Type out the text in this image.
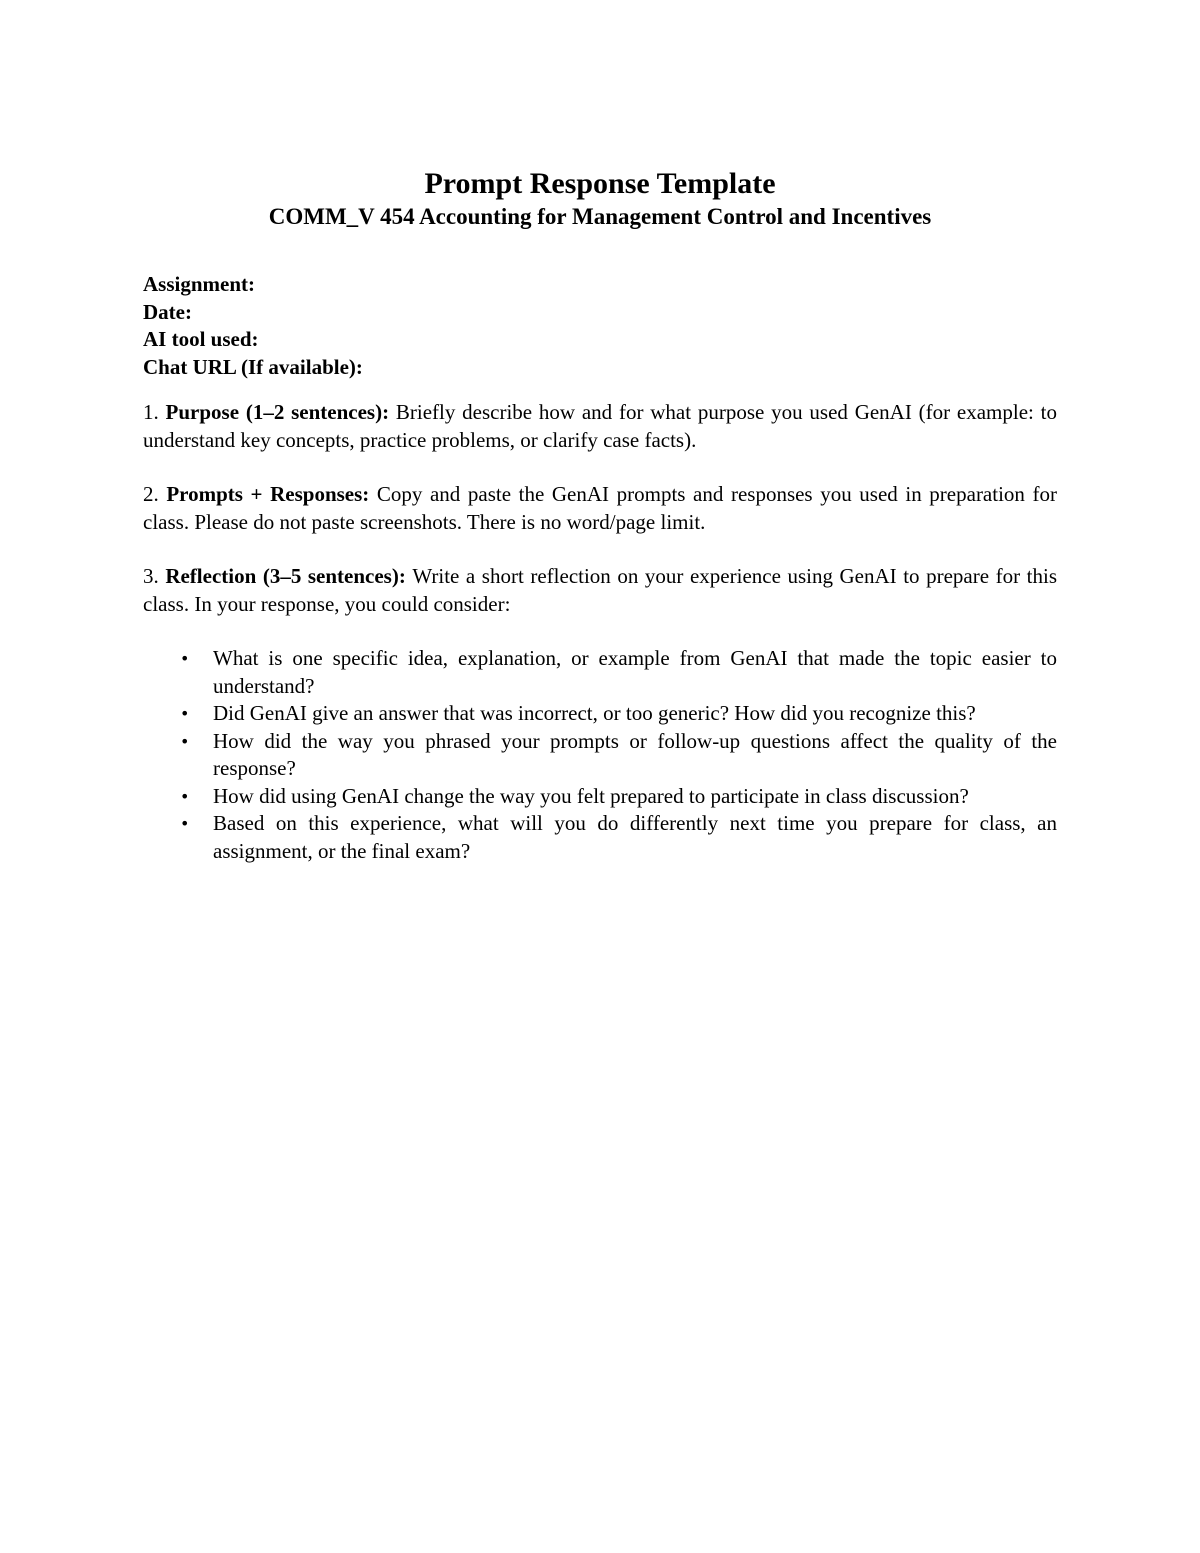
Prompt Response Template
COMM_V 454 Accounting for Management Control and Incentives
Assignment:
Date:
AI tool used:
Chat URL (If available):

1. Purpose (1–2 sentences): Briefly describe how and for what purpose you used GenAI (for example: to understand key concepts, practice problems, or clarify case facts).

2. Prompts + Responses: Copy and paste the GenAI prompts and responses you used in preparation for class. Please do not paste screenshots. There is no word/page limit.

3. Reflection (3–5 sentences): Write a short reflection on your experience using GenAI to prepare for this class. In your response, you could consider:

• What is one specific idea, explanation, or example from GenAI that made the topic easier to understand?
• Did GenAI give an answer that was incorrect, or too generic? How did you recognize this?
• How did the way you phrased your prompts or follow-up questions affect the quality of the response?
• How did using GenAI change the way you felt prepared to participate in class discussion?
• Based on this experience, what will you do differently next time you prepare for class, an assignment, or the final exam?
